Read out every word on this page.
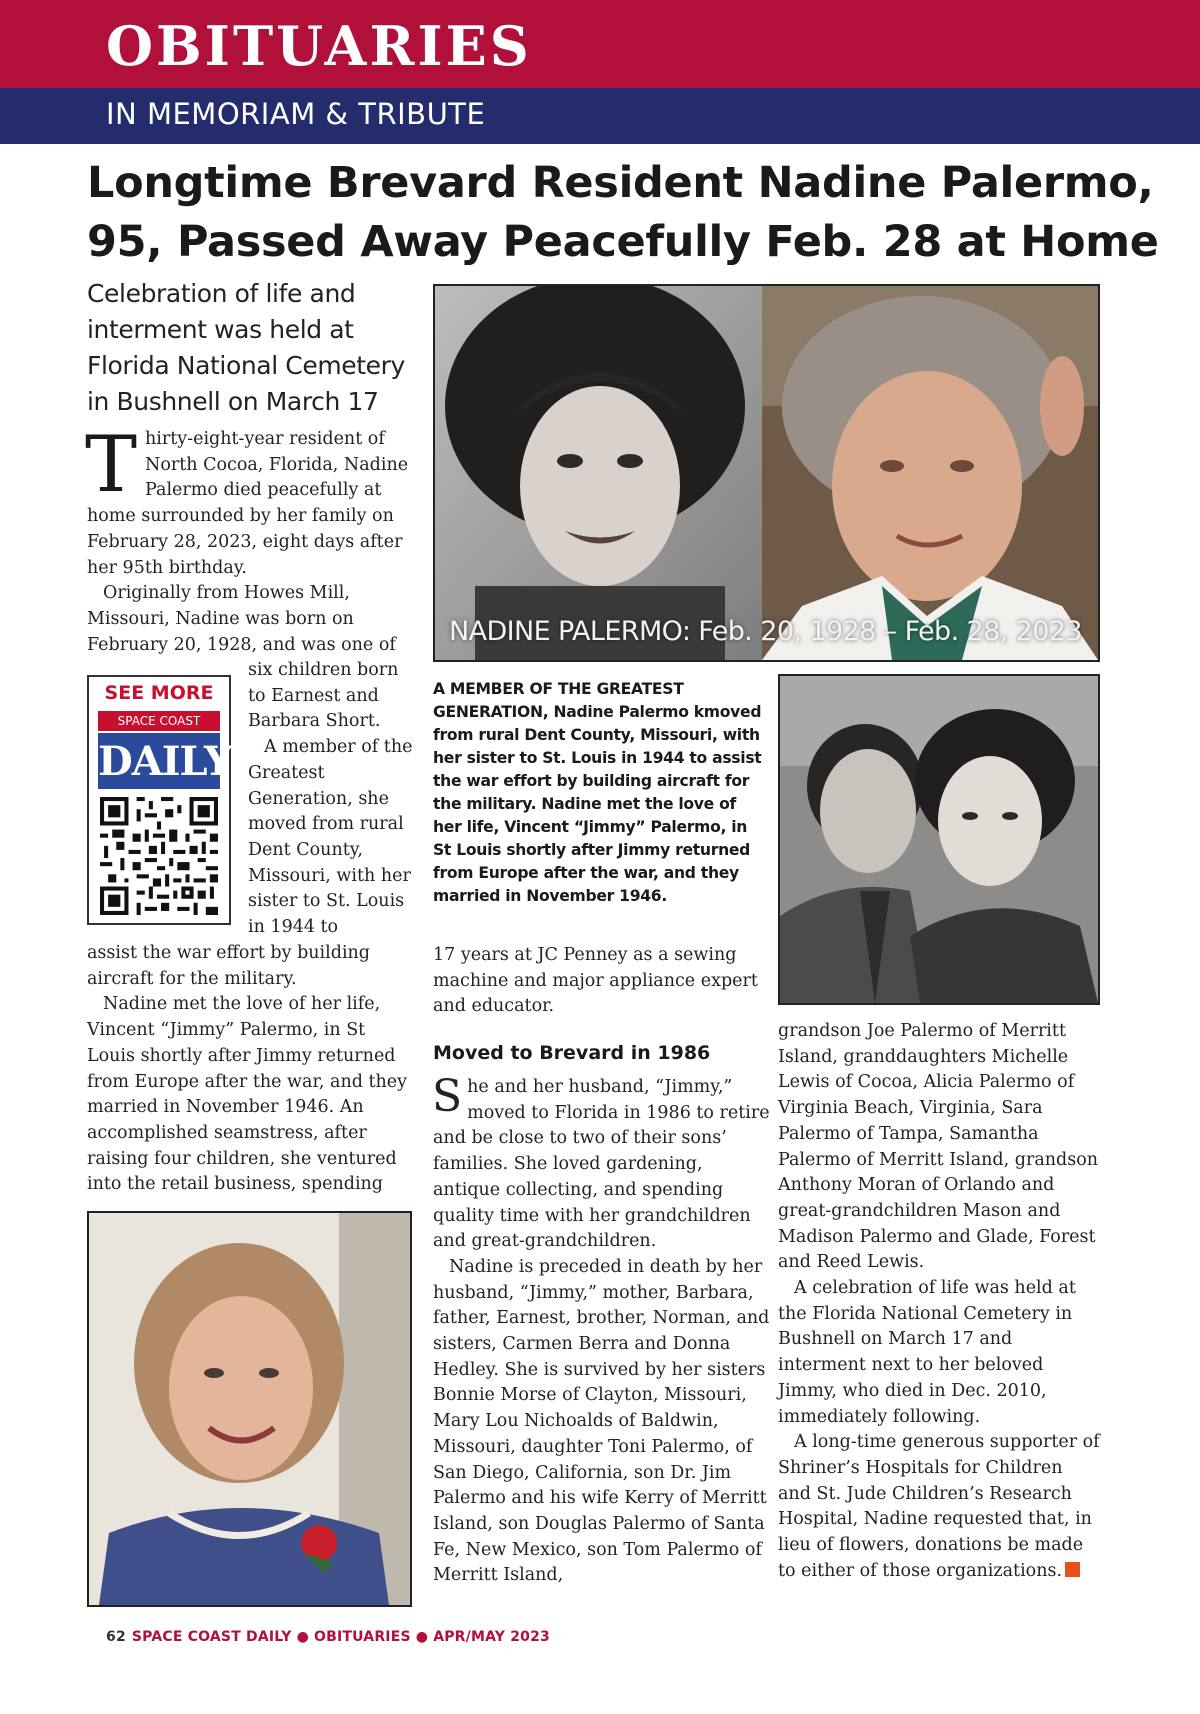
OBITUARIES
IN MEMORIAM & TRIBUTE
Longtime Brevard Resident Nadine Palermo, 95, Passed Away Peacefully Feb. 28 at Home
Celebration of life and interment was held at Florida National Cemetery in Bushnell on March 17

Thirty-eight-year resident of North Cocoa, Florida, Nadine Palermo died peacefully at home surrounded by her family on February 28, 2023, eight days after her 95th birthday.

Originally from Howes Mill, Missouri, Nadine was born on February 20, 1928, and was one of

SEE MORE
SPACE COAST
DAILY.com

six children born to Earnest and Barbara Short.

A member of the Greatest Generation, she moved from rural Dent County, Missouri, with her sister to St. Louis in 1944 to

assist the war effort by building aircraft for the military.

Nadine met the love of her life, Vincent “Jimmy” Palermo, in St Louis shortly after Jimmy returned from Europe after the war, and they married in November 1946. An accomplished seamstress, after raising four children, she ventured into the retail business, spending

NADINE PALERMO: Feb. 20, 1928 – Feb. 28, 2023
A MEMBER OF THE GREATEST GENERATION, Nadine Palermo kmoved from rural Dent County, Missouri, with her sister to St. Louis in 1944 to assist the war effort by building aircraft for the military. Nadine met the love of her life, Vincent “Jimmy” Palermo, in St Louis shortly after Jimmy returned from Europe after the war, and they married in November 1946.

17 years at JC Penney as a sewing machine and major appliance expert and educator.

Moved to Brevard in 1986

She and her husband, “Jimmy,” moved to Florida in 1986 to retire and be close to two of their sons’ families. She loved gardening, antique collecting, and spending quality time with her grandchildren and great-grandchildren.

Nadine is preceded in death by her husband, “Jimmy,” mother, Barbara, father, Earnest, brother, Norman, and sisters, Carmen Berra and Donna Hedley. She is survived by her sisters Bonnie Morse of Clayton, Missouri, Mary Lou Nichoalds of Baldwin, Missouri, daughter Toni Palermo, of San Diego, California, son Dr. Jim Palermo and his wife Kerry of Merritt Island, son Douglas Palermo of Santa Fe, New Mexico, son Tom Palermo of Merritt Island,

grandson Joe Palermo of Merritt Island, granddaughters Michelle Lewis of Cocoa, Alicia Palermo of Virginia Beach, Virginia, Sara Palermo of Tampa, Samantha Palermo of Merritt Island, grandson Anthony Moran of Orlando and great-grandchildren Mason and Madison Palermo and Glade, Forest and Reed Lewis.

A celebration of life was held at the Florida National Cemetery in Bushnell on March 17 and interment next to her beloved Jimmy, who died in Dec. 2010, immediately following.

A long-time generous supporter of Shriner’s Hospitals for Children and St. Jude Children’s Research Hospital, Nadine requested that, in lieu of flowers, donations be made to either of those organizations.

62 SPACE COAST DAILY ● OBITUARIES ● APR/MAY 2023
